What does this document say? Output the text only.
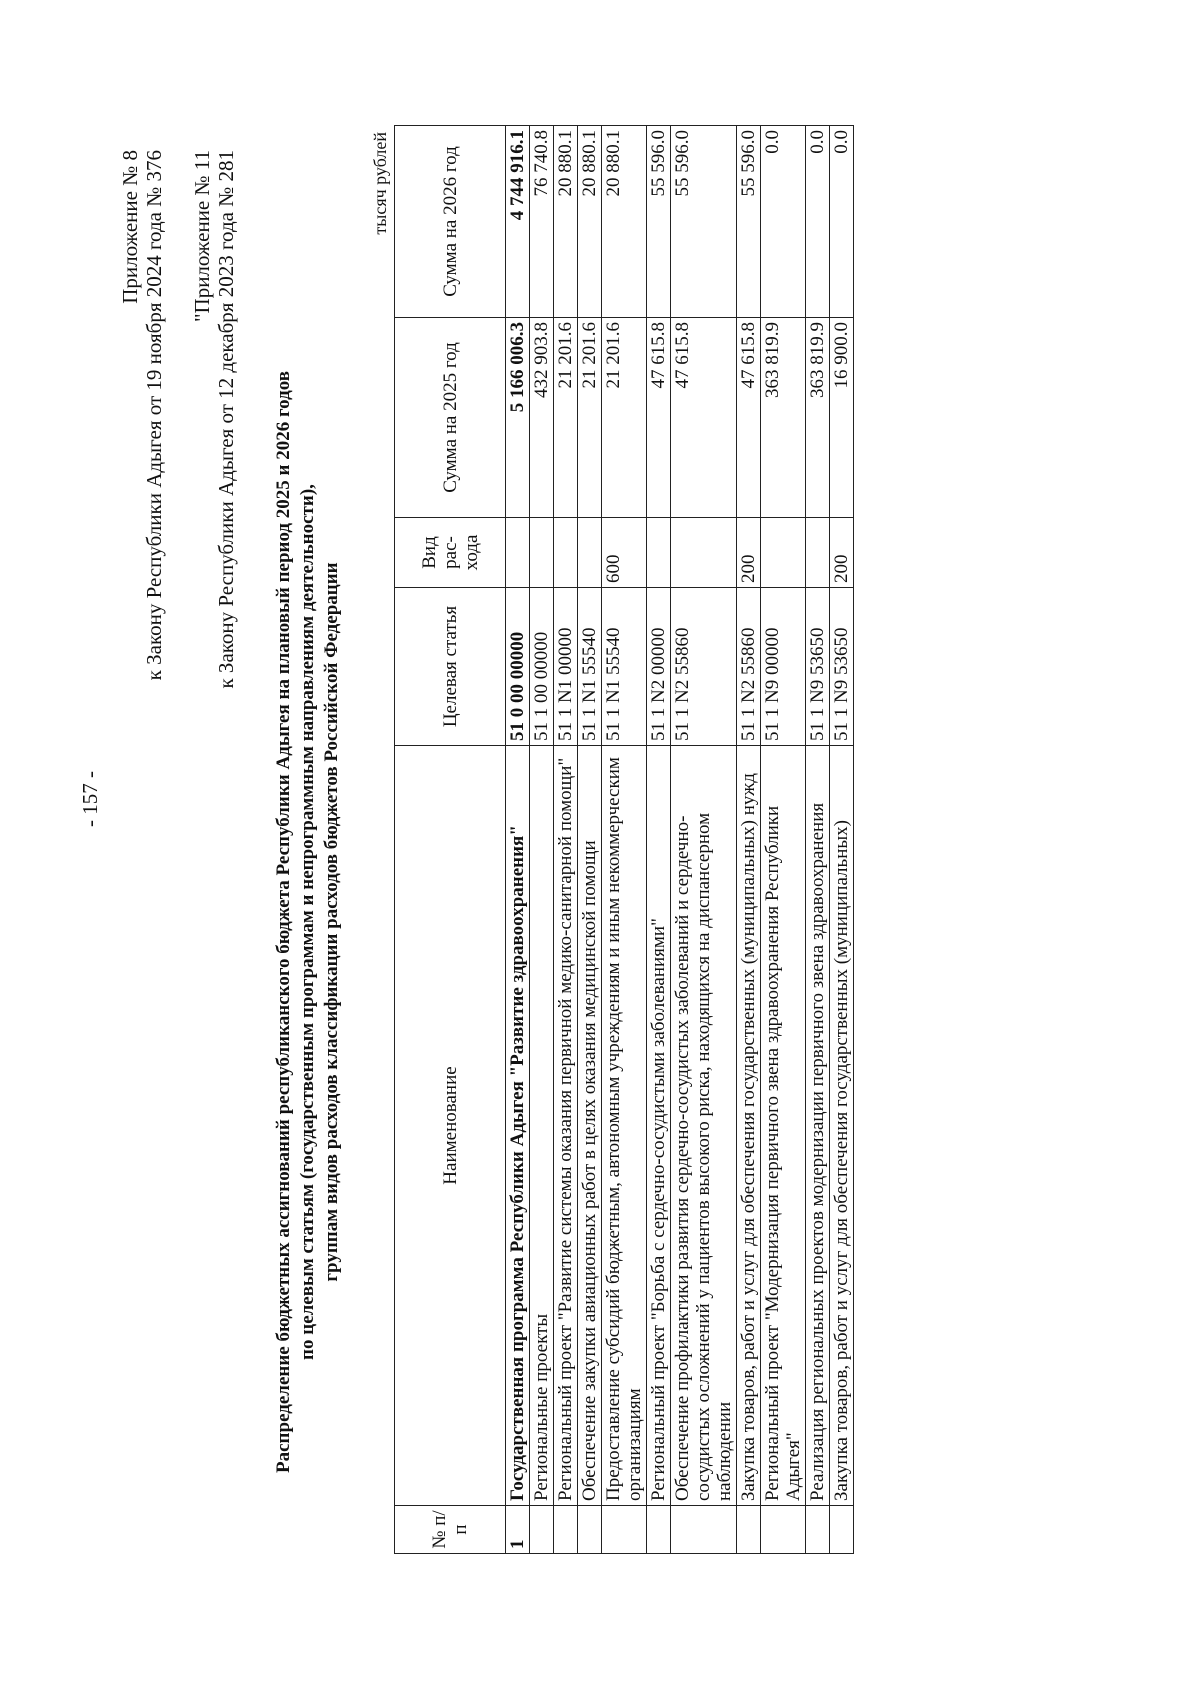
- 157 -
Приложение № 8 к Закону Республики Адыгея от 19 ноября 2024 года № 376 "Приложение № 11 к Закону Республики Адыгея от 12 декабря 2023 года № 281 Распределение бюджетных ассигнований республиканского бюджета Республики Адыгея на плановый период 2025 и 2026 годов по целевым статьям (государственным программам и непрограммным направлениям деятельности), группам видов расходов классификации расходов бюджетов Российской Федерации
тысяч рублей
№ п/п	Наименование	Целевая статья	Вид рас-хода	Сумма на 2025 год	Сумма на 2026 год
1	Государственная программа Республики Адыгея "Развитие здравоохранения"	51 0 00 00000		5 166 006.3	4 744 916.1
	Региональные проекты	51 1 00 00000		432 903.8	76 740.8
	Региональный проект "Развитие системы оказания первичной медико-санитарной помощи"	51 1 N1 00000		21 201.6	20 880.1
	Обеспечение закупки авиационных работ в целях оказания медицинской помощи	51 1 N1 55540		21 201.6	20 880.1
	Предоставление субсидий бюджетным, автономным учреждениям и иным некоммерческим организациям	51 1 N1 55540	600	21 201.6	20 880.1
	Региональный проект "Борьба с сердечно-сосудистыми заболеваниями"	51 1 N2 00000		47 615.8	55 596.0
	Обеспечение профилактики развития сердечно-сосудистых заболеваний и сердечно-сосудистых осложнений у пациентов высокого риска, находящихся на диспансерном наблюдении	51 1 N2 55860		47 615.8	55 596.0
	Закупка товаров, работ и услуг для обеспечения государственных (муниципальных) нужд	51 1 N2 55860	200	47 615.8	55 596.0
	Региональный проект "Модернизация первичного звена здравоохранения Республики Адыгея"	51 1 N9 00000		363 819.9	0.0
	Реализация региональных проектов модернизации первичного звена здравоохранения	51 1 N9 53650		363 819.9	0.0
	Закупка товаров, работ и услуг для обеспечения государственных (муниципальных)	51 1 N9 53650	200	16 900.0	0.0
